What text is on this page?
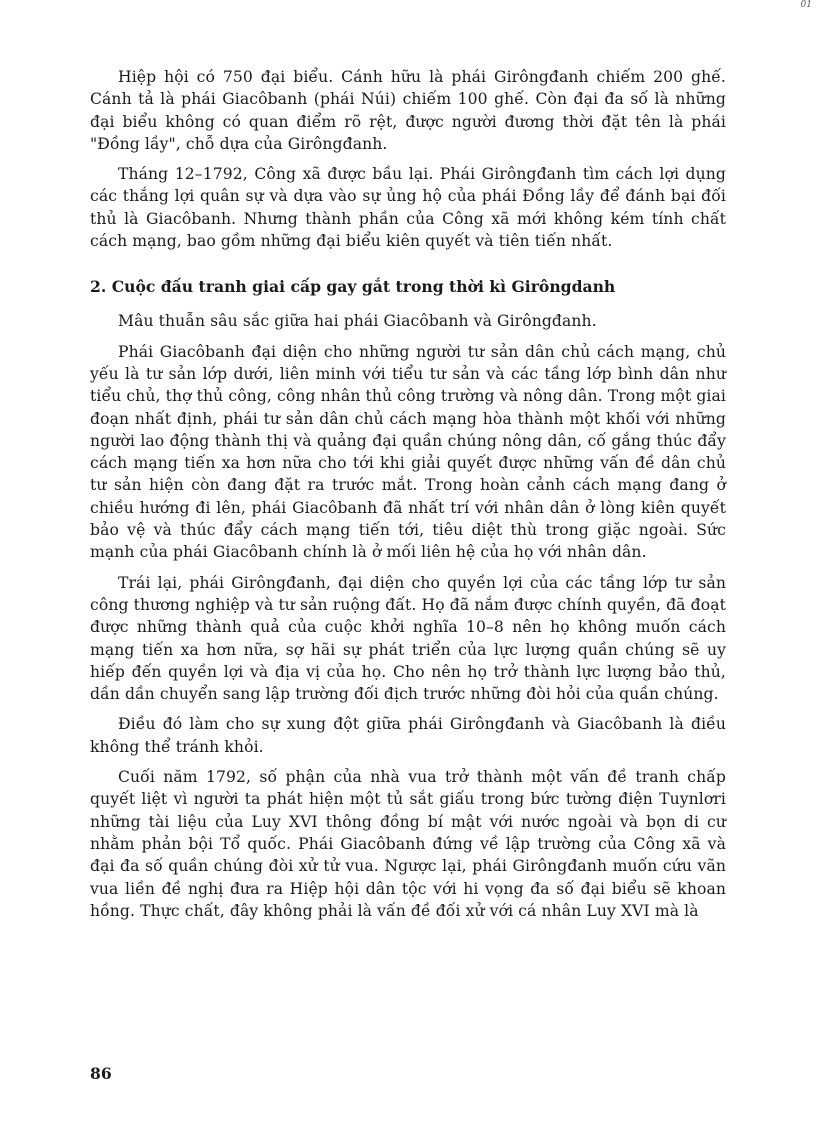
01

Hiệp hội có 750 đại biểu. Cánh hữu là phái Girôngđanh chiếm 200 ghế. Cánh tả là phái Giacôbanh (phái Núi) chiếm 100 ghế. Còn đại đa số là những đại biểu không có quan điểm rõ rệt, được người đương thời đặt tên là phái "Đồng lầy", chỗ dựa của Girôngđanh.

Tháng 12–1792, Công xã được bầu lại. Phái Girôngđanh tìm cách lợi dụng các thắng lợi quân sự và dựa vào sự ủng hộ của phái Đồng lầy để đánh bại đối thủ là Giacôbanh. Nhưng thành phần của Công xã mới không kém tính chất cách mạng, bao gồm những đại biểu kiên quyết và tiên tiến nhất.

2. Cuộc đấu tranh giai cấp gay gắt trong thời kì Girôngdanh

Mâu thuẫn sâu sắc giữa hai phái Giacôbanh và Girôngđanh.

Phái Giacôbanh đại diện cho những người tư sản dân chủ cách mạng, chủ yếu là tư sản lớp dưới, liên minh với tiểu tư sản và các tầng lớp bình dân như tiểu chủ, thợ thủ công, công nhân thủ công trường và nông dân. Trong một giai đoạn nhất định, phái tư sản dân chủ cách mạng hòa thành một khối với những người lao động thành thị và quảng đại quần chúng nông dân, cố gắng thúc đẩy cách mạng tiến xa hơn nữa cho tới khi giải quyết được những vấn đề dân chủ tư sản hiện còn đang đặt ra trước mắt. Trong hoàn cảnh cách mạng đang ở chiều hướng đi lên, phái Giacôbanh đã nhất trí với nhân dân ở lòng kiên quyết bảo vệ và thúc đẩy cách mạng tiến tới, tiêu diệt thù trong giặc ngoài. Sức mạnh của phái Giacôbanh chính là ở mối liên hệ của họ với nhân dân.

Trái lại, phái Girôngđanh, đại diện cho quyền lợi của các tầng lớp tư sản công thương nghiệp và tư sản ruộng đất. Họ đã nắm được chính quyền, đã đoạt được những thành quả của cuộc khởi nghĩa 10–8 nên họ không muốn cách mạng tiến xa hơn nữa, sợ hãi sự phát triển của lực lượng quần chúng sẽ uy hiếp đến quyền lợi và địa vị của họ. Cho nên họ trở thành lực lượng bảo thủ, dần dần chuyển sang lập trường đối địch trước những đòi hỏi của quần chúng.

Điều đó làm cho sự xung đột giữa phái Girôngđanh và Giacôbanh là điều không thể tránh khỏi.

Cuối năm 1792, số phận của nhà vua trở thành một vấn đề tranh chấp quyết liệt vì người ta phát hiện một tủ sắt giấu trong bức tường điện Tuynlơri những tài liệu của Luy XVI thông đồng bí mật với nước ngoài và bọn di cư nhằm phản bội Tổ quốc. Phái Giacôbanh đứng về lập trường của Công xã và đại đa số quần chúng đòi xử tử vua. Ngược lại, phái Girôngđanh muốn cứu vãn vua liền đề nghị đưa ra Hiệp hội dân tộc với hi vọng đa số đại biểu sẽ khoan hồng. Thực chất, đây không phải là vấn đề đối xử với cá nhân Luy XVI mà là

86
